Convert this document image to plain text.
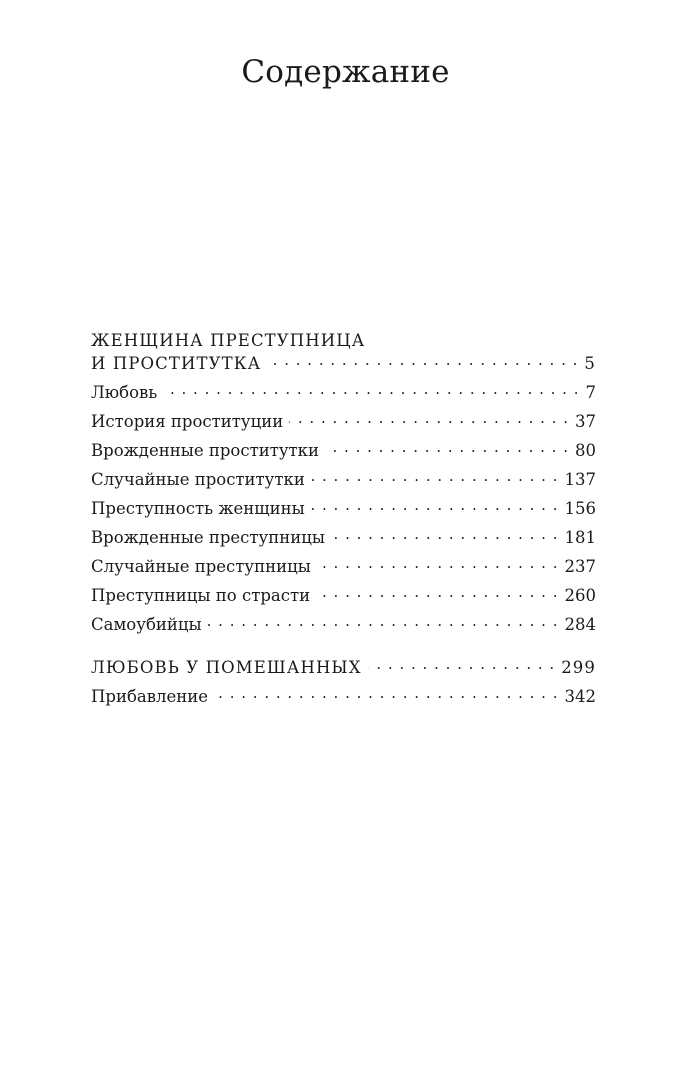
Содержание
ЖЕНЩИНА ПРЕСТУПНИЦА
И ПРОСТИТУТКА . . .	5
Любовь . . .	7
История проституции . . .	37
Врожденные проститутки . . .	80
Случайные проститутки . . .	137
Преступность женщины . . .	156
Врожденные преступницы . . .	181
Случайные преступницы . . .	237
Преступницы по страсти . . .	260
Самоубийцы . . .	284
ЛЮБОВЬ У ПОМЕШАННЫХ . . .	299
Прибавление . . .	342
